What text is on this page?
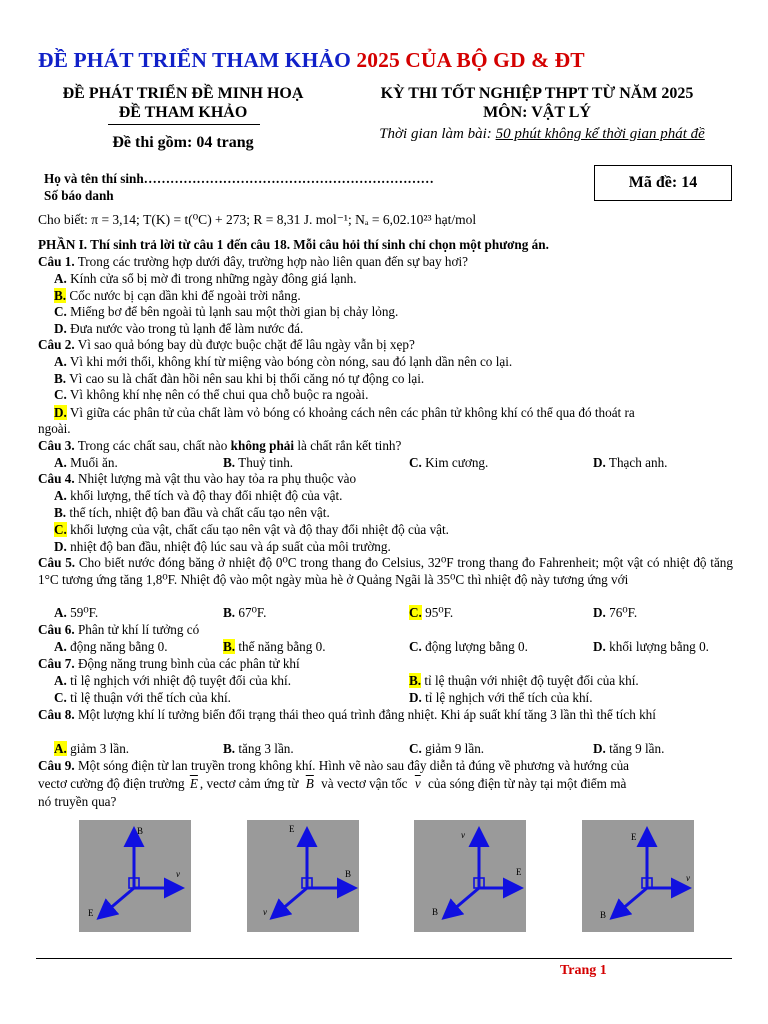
ĐỀ PHÁT TRIỂN THAM KHẢO 2025 CỦA BỘ GD & ĐT
ĐỀ PHÁT TRIỂN ĐỀ MINH HOẠ
ĐỀ THAM KHẢO
Đề thi gồm: 04 trang
KỲ THI TỐT NGHIỆP THPT TỪ NĂM 2025
MÔN: VẬT LÝ
Thời gian làm bài: 50 phút không kể thời gian phát đề
Họ và tên thí sinh…………………………………………………………
Số báo danh
Mã đề: 14
Cho biết: π = 3,14; T(K) = t(⁰C) + 273; R = 8,31 J. mol⁻¹; Nₐ = 6,02.10²³ hạt/mol
PHẦN I. Thí sinh trả lời từ câu 1 đến câu 18. Mỗi câu hỏi thí sinh chỉ chọn một phương án.
Câu 1. Trong các trường hợp dưới đây, trường hợp nào liên quan đến sự bay hơi?
A. Kính cửa sổ bị mờ đi trong những ngày đông giá lạnh.
B. Cốc nước bị cạn dần khi để ngoài trời nắng.
C. Miếng bơ để bên ngoài tủ lạnh sau một thời gian bị chảy lỏng.
D. Đưa nước vào trong tủ lạnh để làm nước đá.
Câu 2. Vì sao quả bóng bay dù được buộc chặt để lâu ngày vẫn bị xẹp?
A. Vì khi mới thổi, không khí từ miệng vào bóng còn nóng, sau đó lạnh dần nên co lại.
B. Vì cao su là chất đàn hồi nên sau khi bị thổi căng nó tự động co lại.
C. Vì không khí nhẹ nên có thể chui qua chỗ buộc ra ngoài.
D. Vì giữa các phân tử của chất làm vỏ bóng có khoảng cách nên các phân tử không khí có thể qua đó thoát ra
ngoài.
Câu 3. Trong các chất sau, chất nào không phải là chất rắn kết tinh?
A. Muối ăn.	B. Thuỷ tinh.	C. Kim cương.	D. Thạch anh.
Câu 4. Nhiệt lượng mà vật thu vào hay tỏa ra phụ thuộc vào
A. khối lượng, thể tích và độ thay đổi nhiệt độ của vật.
B. thể tích, nhiệt độ ban đầu và chất cấu tạo nên vật.
C. khối lượng của vật, chất cấu tạo nên vật và độ thay đổi nhiệt độ của vật.
D. nhiệt độ ban đầu, nhiệt độ lúc sau và áp suất của môi trường.
Câu 5. Cho biết nước đóng băng ở nhiệt độ 0⁰C trong thang đo Celsius, 32⁰F trong thang đo Fahrenheit; một vật có nhiệt độ tăng 1°C tương ứng tăng 1,8⁰F. Nhiệt độ vào một ngày mùa hè ở Quảng Ngãi là 35⁰C thì nhiệt độ này tương ứng với
A. 59⁰F.	B. 67⁰F.	C. 95⁰F.	D. 76⁰F.
Câu 6. Phân tử khí lí tưởng có
A. động năng bằng 0.	B. thế năng bằng 0.	C. động lượng bằng 0.	D. khối lượng bằng 0.
Câu 7. Động năng trung bình của các phân tử khí
A. tỉ lệ nghịch với nhiệt độ tuyệt đối của khí.	B. tỉ lệ thuận với nhiệt độ tuyệt đối của khí.
C. tỉ lệ thuận với thể tích của khí.	D. tỉ lệ nghịch với thể tích của khí.
Câu 8. Một lượng khí lí tưởng biến đổi trạng thái theo quá trình đẳng nhiệt. Khi áp suất khí tăng 3 lần thì thể tích khí
A. giảm 3 lần.	B. tăng 3 lần.	C. giảm 9 lần.	D. tăng 9 lần.
Câu 9. Một sóng điện từ lan truyền trong không khí. Hình vẽ nào sau đây diễn tả đúng về phương và hướng của
vectơ cường độ điện trường $\overline{E}$ , vectơ cảm ứng từ $\overline{B}$ và vectơ vận tốc $\overline{v}$ của sóng điện từ này tại một điểm mà
nó truyền qua?
B
v
E
E
B
v
v
E
B
E
v
B
Trang 1
